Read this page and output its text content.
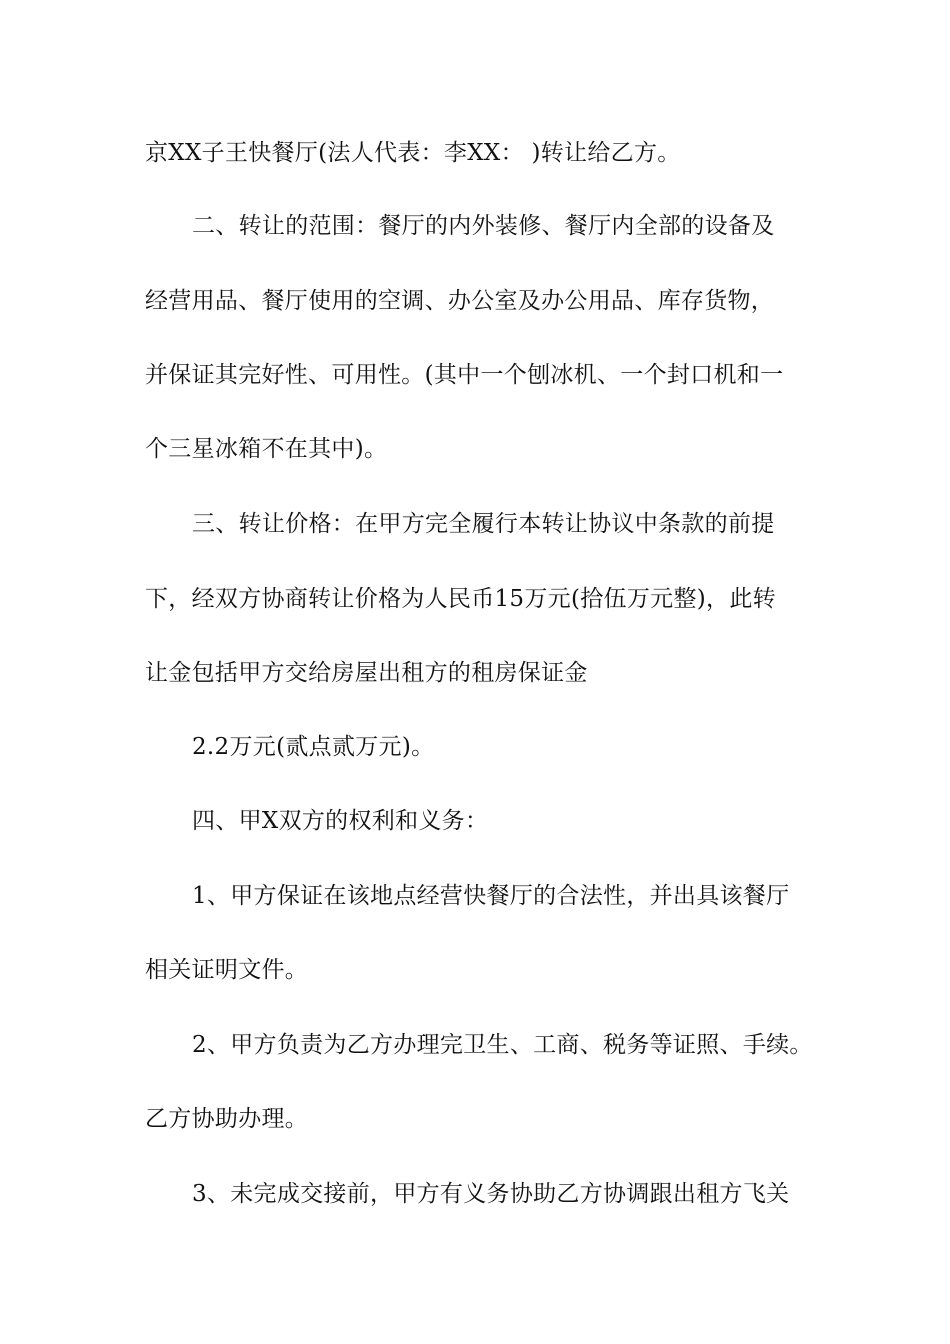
京XX子王快餐厅(法人代表：李XX： )转让给乙方。
二、转让的范围：餐厅的内外装修、餐厅内全部的设备及
经营用品、餐厅使用的空调、办公室及办公用品、库存货物，
并保证其完好性、可用性。(其中一个刨冰机、一个封口机和一
个三星冰箱不在其中)。
三、转让价格：在甲方完全履行本转让协议中条款的前提
下，经双方协商转让价格为人民币15万元(拾伍万元整)，此转
让金包括甲方交给房屋出租方的租房保证金
2.2万元(贰点贰万元)。
四、甲X双方的权利和义务：
1、甲方保证在该地点经营快餐厅的合法性，并出具该餐厅
相关证明文件。
2、甲方负责为乙方办理完卫生、工商、税务等证照、手续。
乙方协助办理。
3、未完成交接前，甲方有义务协助乙方协调跟出租方飞关
